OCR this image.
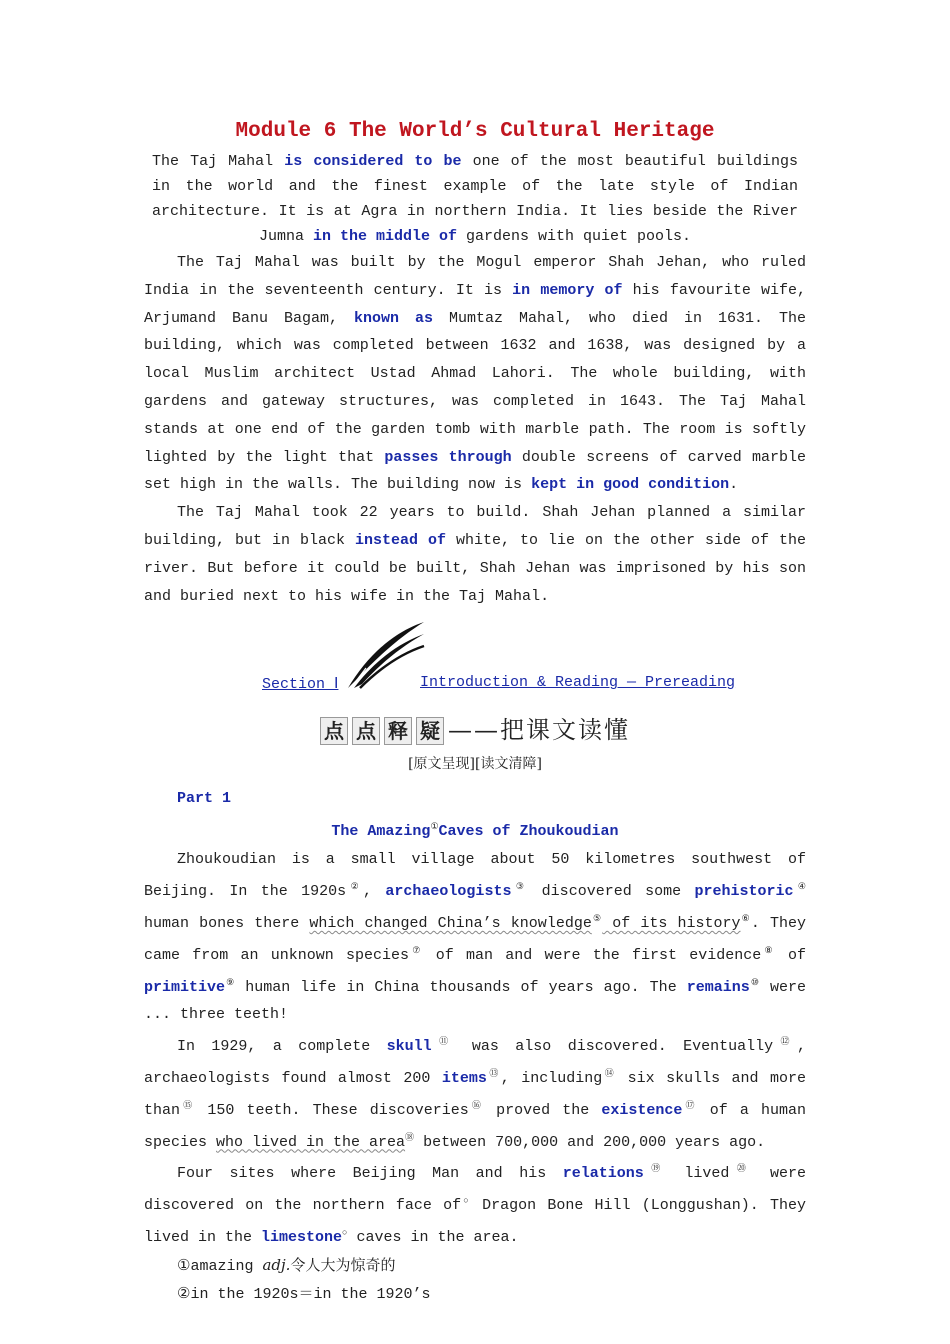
Module 6 The World’s Cultural Heritage

The Taj Mahal is considered to be one of the most beautiful buildings in the world and the finest example of the late style of Indian architecture. It is at Agra in northern India. It lies beside the River Jumna in the middle of gardens with quiet pools.

The Taj Mahal was built by the Mogul emperor Shah Jehan, who ruled India in the seventeenth century. It is in memory of his favourite wife, Arjumand Banu Bagam, known as Mumtaz Mahal, who died in 1631. The building, which was completed between 1632 and 1638, was designed by a local Muslim architect Ustad Ahmad Lahori. The whole building, with gardens and gateway structures, was completed in 1643. The Taj Mahal stands at one end of the garden tomb with marble path. The room is softly lighted by the light that passes through double screens of carved marble set high in the walls. The building now is kept in good condition.

The Taj Mahal took 22 years to build. Shah Jehan planned a similar building, but in black instead of white, to lie on the other side of the river. But before it could be built, Shah Jehan was imprisoned by his son and buried next to his wife in the Taj Mahal.

Section Ⅰ	Introduction & Reading — Prereading
点 点 释 疑 ——把课文读懂
[原文呈现][读文清障]
Part 1
The Amazing①Caves of Zhoukoudian

Zhoukoudian is a small village about 50 kilometres southwest of Beijing. In the 1920s②, archaeologists③ discovered some prehistoric④ human bones there which changed China’s knowledge⑤ of its history⑥. They came from an unknown species⑦ of man and were the first evidence⑧ of primitive⑨ human life in China thousands of years ago. The remains⑩ were ... three teeth!

In 1929, a complete skull⑪ was also discovered. Eventually⑫, archaeologists found almost 200 items⑬, including⑭ six skulls and more than⑮ 150 teeth. These discoveries⑯ proved the existence⑰ of a human species who lived in the area⑱ between 700,000 and 200,000 years ago.

Four sites where Beijing Man and his relations⑲ lived⑳ were discovered on the northern face of○ Dragon Bone Hill (Longgushan). They lived in the limestone○ caves in the area.

①amazing adj.令人大为惊奇的
②in the 1920s＝in the 1920’s
